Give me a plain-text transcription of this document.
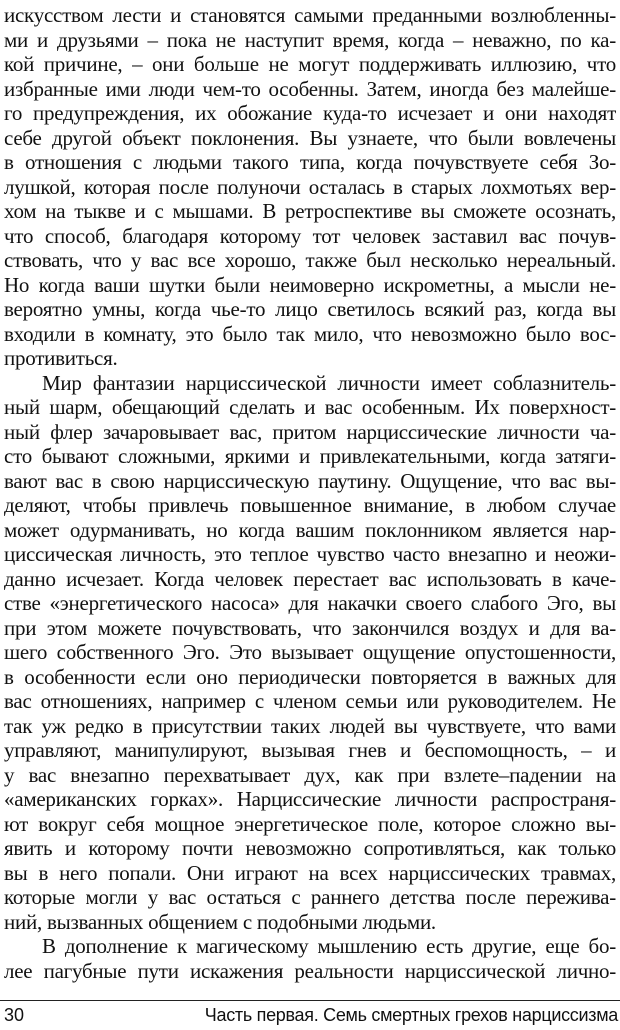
искусством лести и становятся самыми преданными возлюбленны-
ми и друзьями – пока не наступит время, когда – неважно, по ка-
кой причине, – они больше не могут поддерживать иллюзию, что
избранные ими люди чем-то особенны. Затем, иногда без малейше-
го предупреждения, их обожание куда-то исчезает и они находят
себе другой объект поклонения. Вы узнаете, что были вовлечены
в отношения с людьми такого типа, когда почувствуете себя Зо-
лушкой, которая после полуночи осталась в старых лохмотьях вер-
хом на тыкве и с мышами. В ретроспективе вы сможете осознать,
что способ, благодаря которому тот человек заставил вас почув-
ствовать, что у вас все хорошо, также был несколько нереальный.
Но когда ваши шутки были неимоверно искрометны, а мысли не-
вероятно умны, когда чье-то лицо светилось всякий раз, когда вы
входили в комнату, это было так мило, что невозможно было вос-
противиться.
Мир фантазии нарциссической личности имеет соблазнитель-
ный шарм, обещающий сделать и вас особенным. Их поверхност-
ный флер зачаровывает вас, притом нарциссические личности ча-
сто бывают сложными, яркими и привлекательными, когда затяги-
вают вас в свою нарциссическую паутину. Ощущение, что вас вы-
деляют, чтобы привлечь повышенное внимание, в любом случае
может одурманивать, но когда вашим поклонником является нар-
циссическая личность, это теплое чувство часто внезапно и неожи-
данно исчезает. Когда человек перестает вас использовать в каче-
стве «энергетического насоса» для накачки своего слабого Эго, вы
при этом можете почувствовать, что закончился воздух и для ва-
шего собственного Эго. Это вызывает ощущение опустошенности,
в особенности если оно периодически повторяется в важных для
вас отношениях, например с членом семьи или руководителем. Не
так уж редко в присутствии таких людей вы чувствуете, что вами
управляют, манипулируют, вызывая гнев и беспомощность, – и
у вас внезапно перехватывает дух, как при взлете–падении на
«американских горках». Нарциссические личности распространя-
ют вокруг себя мощное энергетическое поле, которое сложно вы-
явить и которому почти невозможно сопротивляться, как только
вы в него попали. Они играют на всех нарциссических травмах,
которые могли у вас остаться с раннего детства после пережива-
ний, вызванных общением с подобными людьми.
В дополнение к магическому мышлению есть другие, еще бо-
лее пагубные пути искажения реальности нарциссической лично-
30	Часть первая. Семь смертных грехов нарциссизма
